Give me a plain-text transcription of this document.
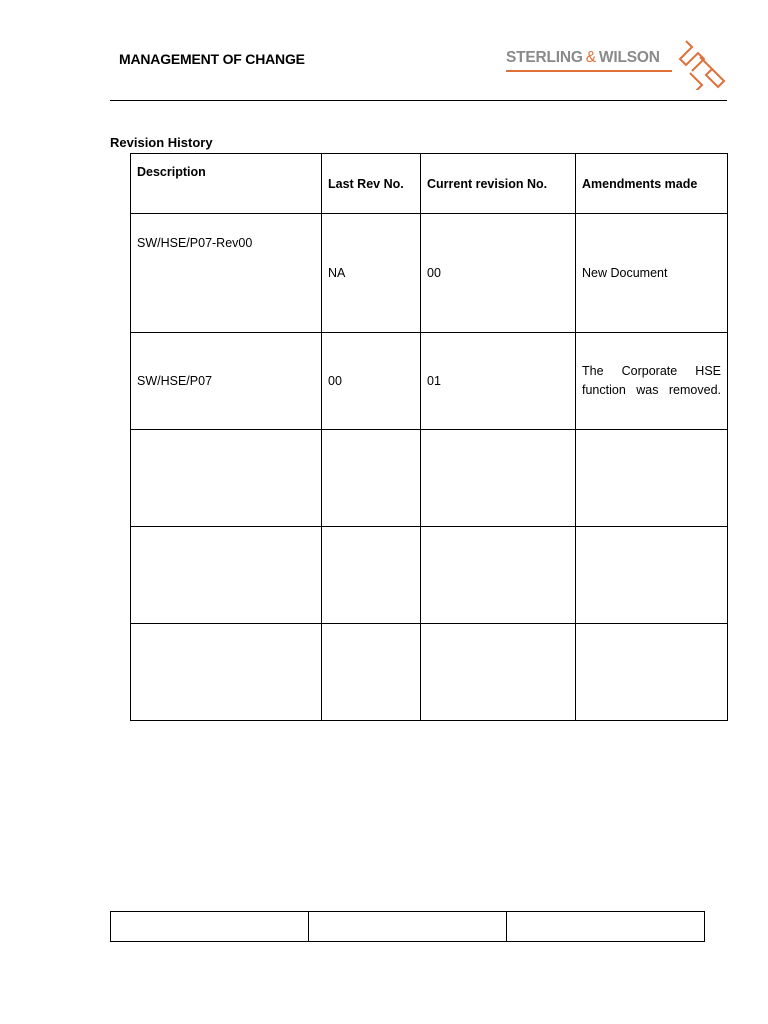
MANAGEMENT OF CHANGE	STERLING & WILSON
Revision History
Description	Last Rev No.	Current revision No.	Amendments made
SW/HSE/P07-Rev00	NA	00	New Document
SW/HSE/P07	00	01	The Corporate HSE function was removed.
